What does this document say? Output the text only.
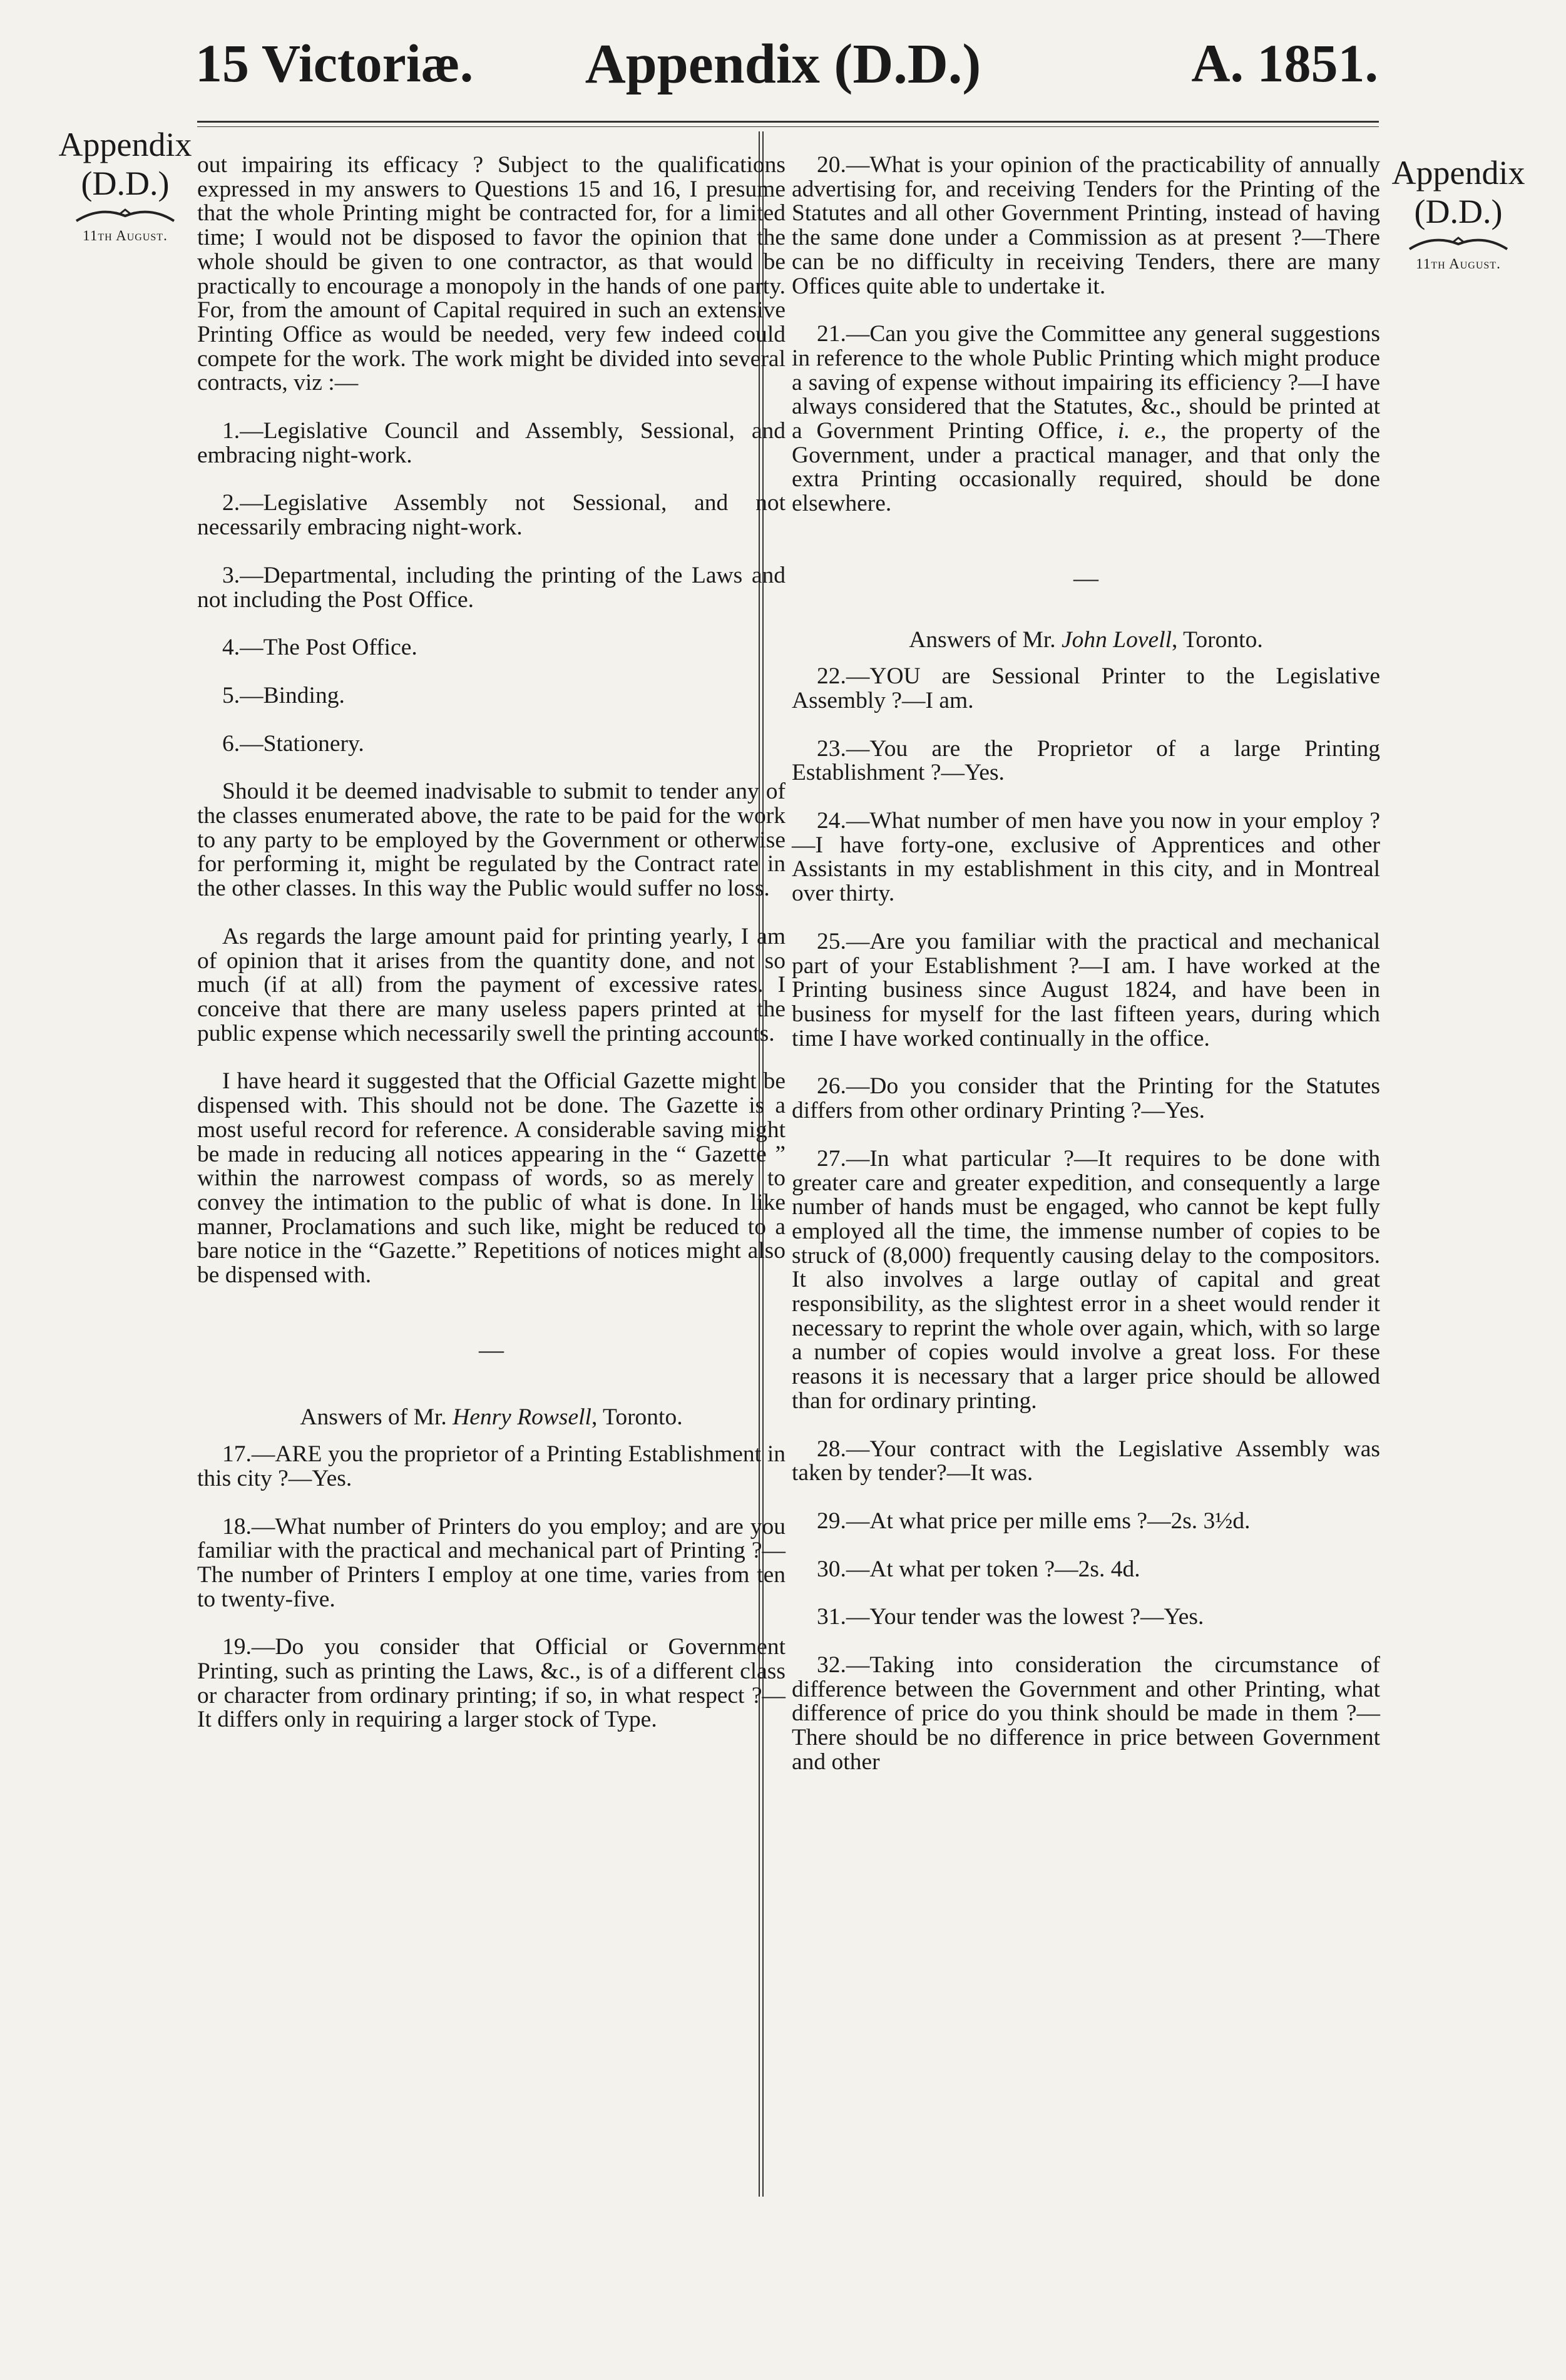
15 Victoriæ.	Appendix (D.D.)	A. 1851.
Appendix
(D.D.)
11th August.
Appendix
(D.D.)
11th August.

out impairing its efficacy ? Subject to the qualifications expressed in my answers to Questions 15 and 16, I presume that the whole Printing might be contracted for, for a limited time; I would not be disposed to favor the opinion that the whole should be given to one contractor, as that would be practically to encourage a monopoly in the hands of one party. For, from the amount of Capital required in such an extensive Printing Office as would be needed, very few indeed could compete for the work. The work might be divided into several contracts, viz :—

1.—Legislative Council and Assembly, Sessional, and embracing night-work.

2.—Legislative Assembly not Sessional, and not necessarily embracing night-work.

3.—Departmental, including the printing of the Laws and not including the Post Office.

4.—The Post Office.

5.—Binding.

6.—Stationery.

Should it be deemed inadvisable to submit to tender any of the classes enumerated above, the rate to be paid for the work to any party to be employed by the Government or otherwise for performing it, might be regulated by the Contract rate in the other classes. In this way the Public would suffer no loss.

As regards the large amount paid for printing yearly, I am of opinion that it arises from the quantity done, and not so much (if at all) from the payment of excessive rates. I conceive that there are many useless papers printed at the public expense which necessarily swell the printing accounts.

I have heard it suggested that the Official Gazette might be dispensed with. This should not be done. The Gazette is a most useful record for reference. A considerable saving might be made in reducing all notices appearing in the “ Gazette ” within the narrowest compass of words, so as merely to convey the intimation to the public of what is done. In like manner, Proclamations and such like, might be reduced to a bare notice in the “Gazette.” Repetitions of notices might also be dispensed with.

—

Answers of Mr. Henry Rowsell, Toronto.

17.—ARE you the proprietor of a Printing Establishment in this city ?—Yes.

18.—What number of Printers do you employ; and are you familiar with the practical and mechanical part of Printing ?—The number of Printers I employ at one time, varies from ten to twenty-five.

19.—Do you consider that Official or Government Printing, such as printing the Laws, &c., is of a different class or character from ordinary printing; if so, in what respect ?—It differs only in requiring a larger stock of Type.

20.—What is your opinion of the practicability of annually advertising for, and receiving Tenders for the Printing of the Statutes and all other Government Printing, instead of having the same done under a Commission as at present ?—There can be no difficulty in receiving Tenders, there are many Offices quite able to undertake it.

21.—Can you give the Committee any general suggestions in reference to the whole Public Printing which might produce a saving of expense without impairing its efficiency ?—I have always considered that the Statutes, &c., should be printed at a Government Printing Office, i. e., the property of the Government, under a practical manager, and that only the extra Printing occasionally required, should be done elsewhere.

—

Answers of Mr. John Lovell, Toronto.

22.—YOU are Sessional Printer to the Legislative Assembly ?—I am.

23.—You are the Proprietor of a large Printing Establishment ?—Yes.

24.—What number of men have you now in your employ ?—I have forty-one, exclusive of Apprentices and other Assistants in my establishment in this city, and in Montreal over thirty.

25.—Are you familiar with the practical and mechanical part of your Establishment ?—I am. I have worked at the Printing business since August 1824, and have been in business for myself for the last fifteen years, during which time I have worked continually in the office.

26.—Do you consider that the Printing for the Statutes differs from other ordinary Printing ?—Yes.

27.—In what particular ?—It requires to be done with greater care and greater expedition, and consequently a large number of hands must be engaged, who cannot be kept fully employed all the time, the immense number of copies to be struck of (8,000) frequently causing delay to the compositors. It also involves a large outlay of capital and great responsibility, as the slightest error in a sheet would render it necessary to reprint the whole over again, which, with so large a number of copies would involve a great loss. For these reasons it is necessary that a larger price should be allowed than for ordinary printing.

28.—Your contract with the Legislative Assembly was taken by tender?—It was.

29.—At what price per mille ems ?—2s. 3½d.

30.—At what per token ?—2s. 4d.

31.—Your tender was the lowest ?—Yes.

32.—Taking into consideration the circumstance of difference between the Government and other Printing, what difference of price do you think should be made in them ?—There should be no difference in price between Government and other
